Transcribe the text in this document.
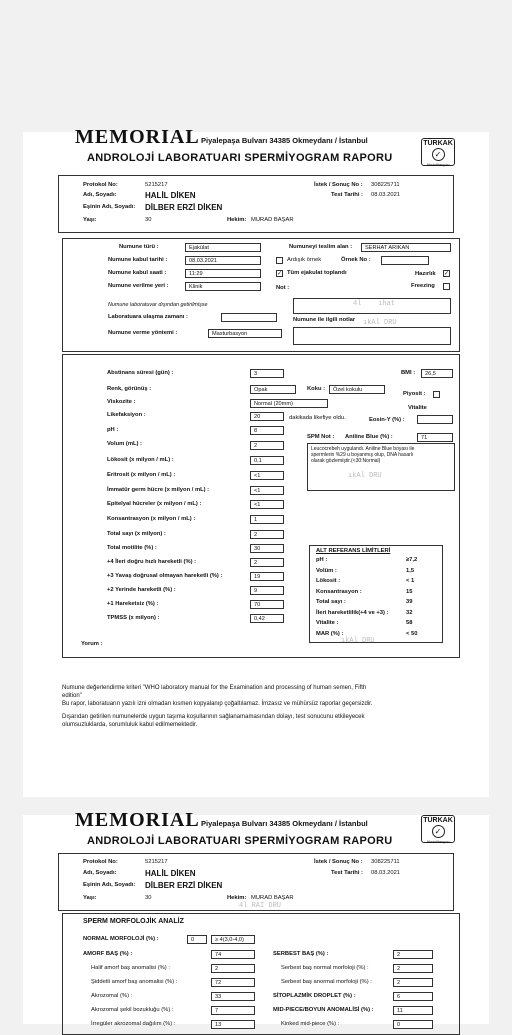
MEMORIAL Piyalepaşa Bulvarı 34385 Okmeydanı / İstanbul
ANDROLOJİ LABORATUARI SPERMİYOGRAM RAPORU
TÜRKAK
✓
Akreditasyon
Protokol No:	5215217	İstek / Sonuç No : 308225711
Adı, Soyadı:	HALİL DİKEN	Test Tarihi : 08.03.2021
Eşinin Adı, Soyadı: DİLBER ERZİ DİKEN
Yaşı:	30	Hekim: MURAD BAŞAR
Numune türü :	Ejakülat	Numuneyi teslim alan :	SERHAT ARIKAN
Numune kabul tarihi :	08.03.2021	Ardışık örnek	Örnek No :
Numune kabul saati :	11:29	✓ Tüm ejakulat toplandı	Hazırlık ✓
Numune verilme yeri :	Klinik	Not :	Freezing
Numune laboratuvar dışından getirilmişse
Laboratuara ulaşma zamanı :	Numune ile ilgili notlar
4l    ıhat
ıkAl DRU
Numune verme yöntemi :	Masturbasyon
Abstinans süresi (gün) :	3	BMI :	26,5
Renk, görünüş :	Opak	Koku :	Özel kokulu
Piyosit :
Viskozite :	Normal (20mm)
Vitalite
Likefaksiyon :	20	dakikada likefiye oldu.	Eosin-Y (%) :
pH :	8
SPM Not : Aniline Blue (%) :	71
Volum (mL) :	2	Leucocrebeh uygulandı. Aniline Blue boyası ile
spermlerin %29 u boyanmış olup, DNA hasarlı
olarak gözlemiştir.(<30:Normal)
ıkAl DRU
Lökosit (x milyon / mL) :	0,1
Eritrosit (x milyon / mL) :	<1
İmmatür germ hücre (x milyon / mL) :	<1
Epitelyal hücreler (x milyon / mL) :	<1
Konsantrasyon (x milyon / mL) :	1
Total sayı (x milyon) :	2
Total motilite (%) :	30
+4 İleri doğru hızlı hareketli (%) :	2
+3 Yavaş doğrusal olmayan hareketli (%) :	19
+2 Yerinde hareketli (%) :	9
+1 Hareketsiz (%) :	70
TPMSS (x milyon) :	0,42
ALT REFERANS LİMİTLERİ
pH :	≥7,2
Volüm :	1,5
Lökosit :	< 1
Konsantrasyon :	15
Total sayı :	39
İleri hareketlilik(+4 ve +3) :	32
Vitalite :	58
MAR (%) :	< 50
Yorum :	ıkAl DRU
Numune değerlendirme kriteri "WHO laboratory manual for the Examination and processing of human semen, Fifth
edition"
Bu rapor, laboratuarın yazılı izni olmadan kısmen kopyalanıp çoğaltılamaz. İmzasız ve mühürsüz raporlar geçersizdir.
Dışarıdan getirilen numunelerde uygun taşıma koşullarının sağlanamamasından dolayı, test sonucunu etkileyecek
olumsuzluklarda, sorumluluk kabul edilmemektedir.
MEMORIAL Piyalepaşa Bulvarı 34385 Okmeydanı / İstanbul
ANDROLOJİ LABORATUARI SPERMİYOGRAM RAPORU
TÜRKAK
✓
Akreditasyon
Protokol No:	5215217	İstek / Sonuç No : 308225711
Adı, Soyadı:	HALİL DİKEN	Test Tarihi : 08.03.2021
Eşinin Adı, Soyadı: DİLBER ERZİ DİKEN
Yaşı:	30	Hekim: MURAD BAŞAR
4l RAI DRU
SPERM MORFOLOJİK ANALİZ
NORMAL MORFOLOJİ (%) :	0	≥ 4(3,0-4,0)
AMORF BAŞ (%) :	74
Halif amorf baş anomalisi (%) :	2
Şiddetli amorf baş anomalisi (%) :	72
Akrozomal (%) :	33
Akrozomal şekil bozukluğu (%) :	7
İrregüler akrozomal dağılım (%) :	13
SERBEST BAŞ (%) :	2
Serbest baş normal morfoloji (%) :	2
Serbest baş anormal morfoloji (%) :	2
SİTOPLAZMİK DROPLET (%) :	6
MID-PIECE/BOYUN ANOMALİSİ (%) :	11
Kinked mid-piece (%) :	0
